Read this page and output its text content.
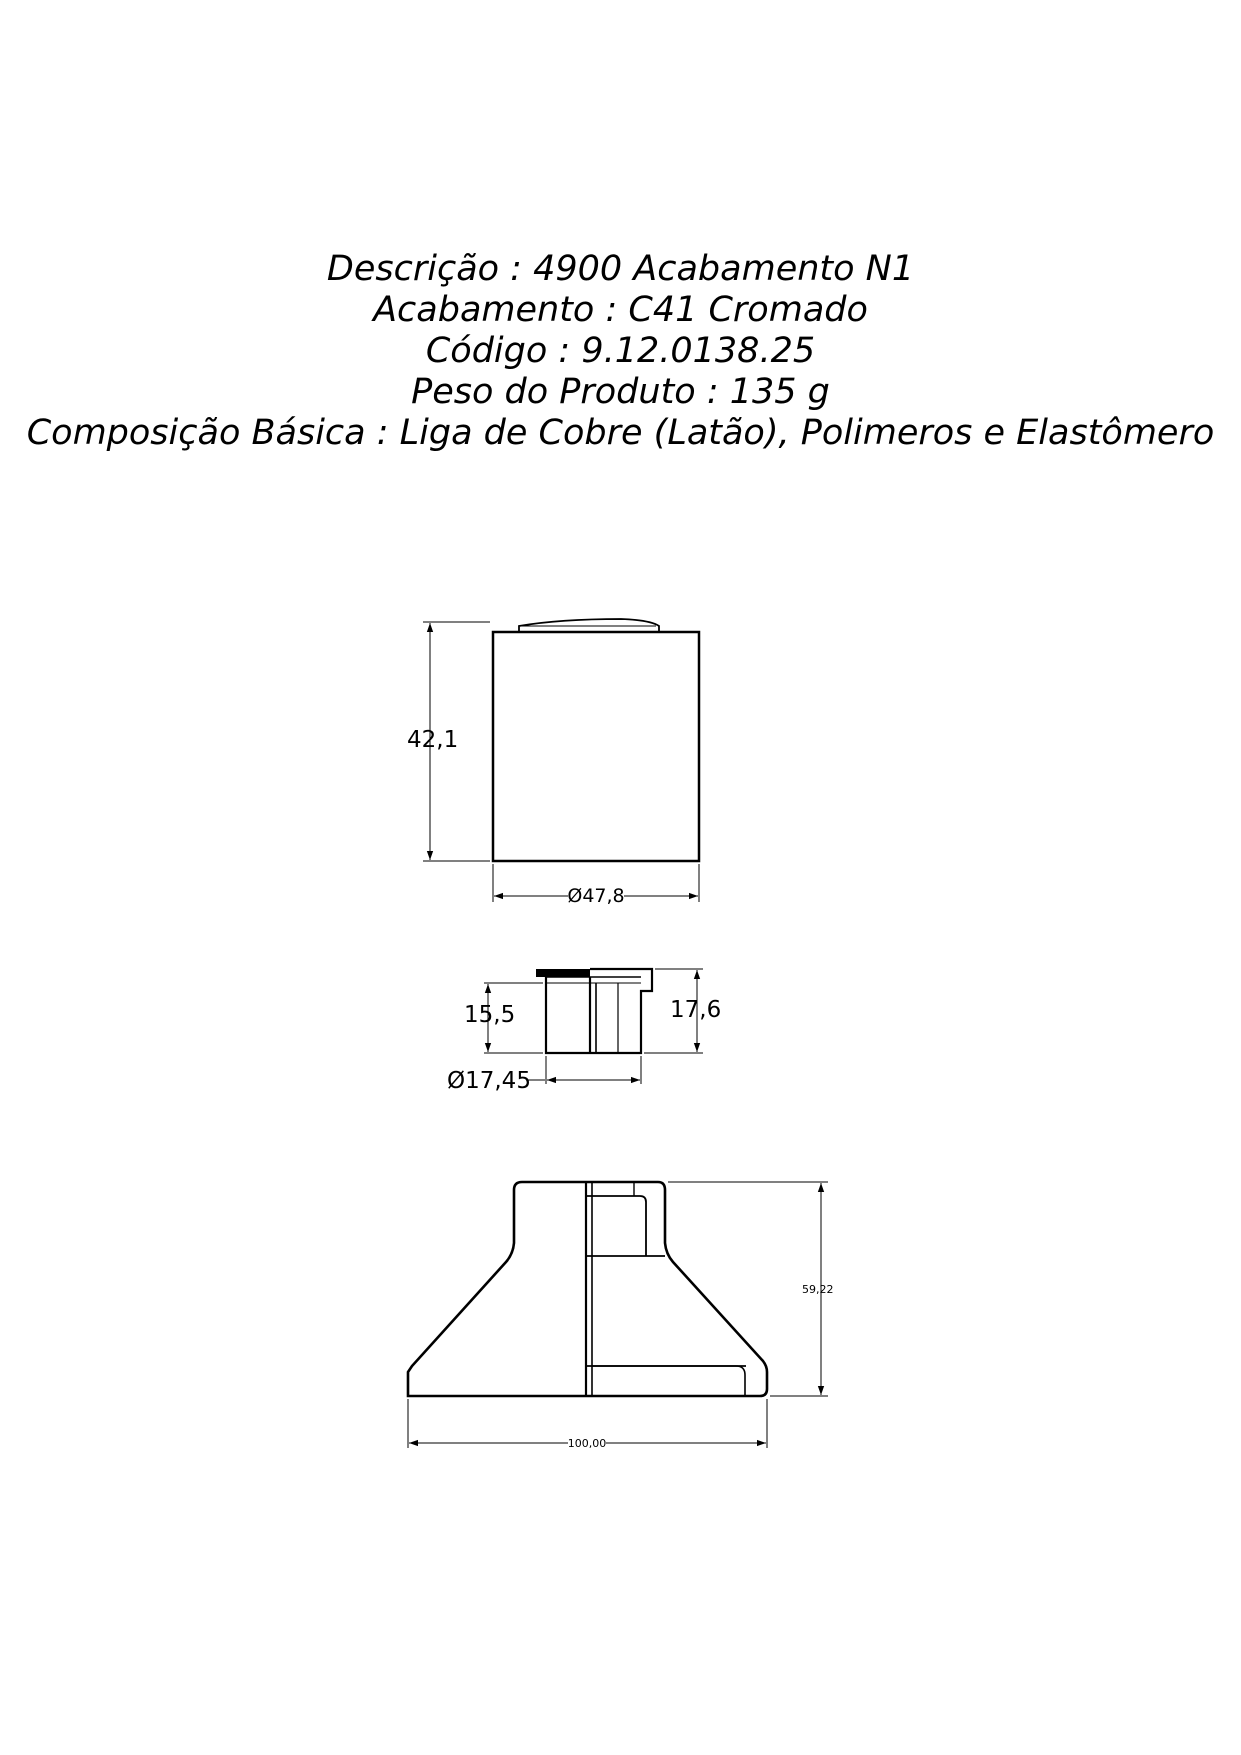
Descrição : 4900 Acabamento N1
Acabamento : C41 Cromado
Código : 9.12.0138.25
Peso do Produto : 135 g
Composição Básica : Liga de Cobre (Latão), Polimeros e Elastômero
42,1
Ø47,8
15,5	17,6
Ø17,45
59,22
100,00
